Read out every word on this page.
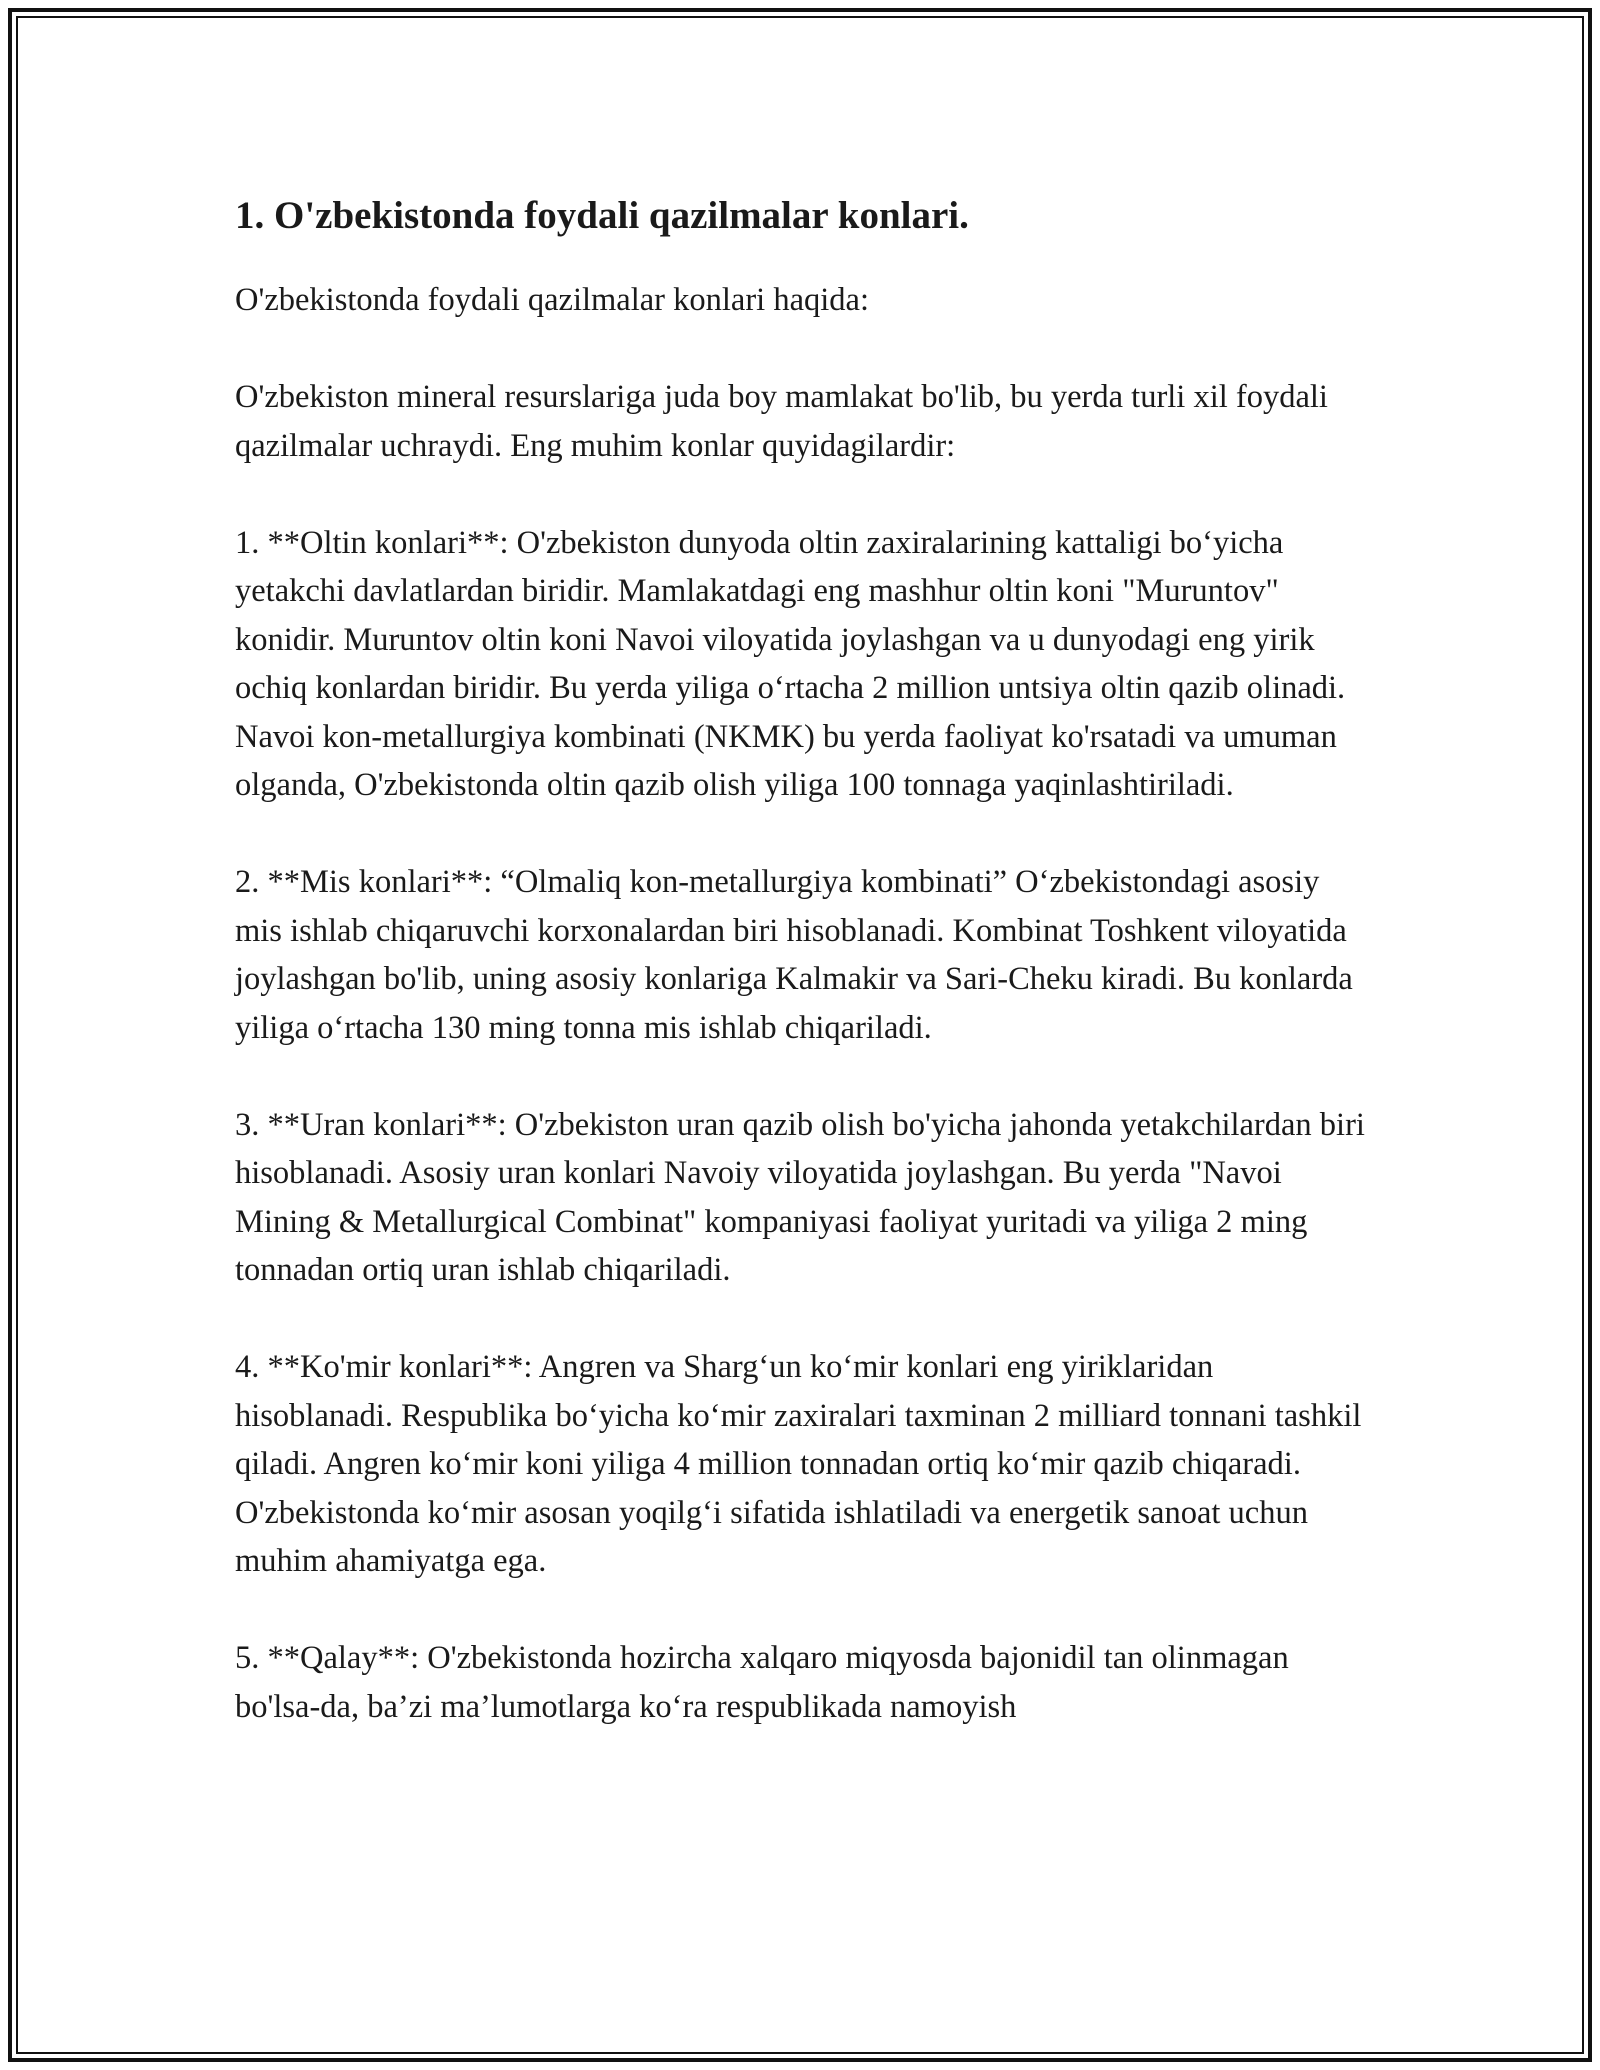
1. O'zbekistonda foydali qazilmalar konlari.

O'zbekistonda foydali qazilmalar konlari haqida:

O'zbekiston mineral resurslariga juda boy mamlakat bo'lib, bu yerda turli xil foydali qazilmalar uchraydi. Eng muhim konlar quyidagilardir:

1. **Oltin konlari**: O'zbekiston dunyoda oltin zaxiralarining kattaligi bo‘yicha yetakchi davlatlardan biridir. Mamlakatdagi eng mashhur oltin koni "Muruntov" konidir. Muruntov oltin koni Navoi viloyatida joylashgan va u dunyodagi eng yirik ochiq konlardan biridir. Bu yerda yiliga o‘rtacha 2 million untsiya oltin qazib olinadi. Navoi kon-metallurgiya kombinati (NKMK) bu yerda faoliyat ko'rsatadi va umuman olganda, O'zbekistonda oltin qazib olish yiliga 100 tonnaga yaqinlashtiriladi.

2. **Mis konlari**: “Olmaliq kon-metallurgiya kombinati” O‘zbekistondagi asosiy mis ishlab chiqaruvchi korxonalardan biri hisoblanadi. Kombinat Toshkent viloyatida joylashgan bo'lib, uning asosiy konlariga Kalmakir va Sari-Cheku kiradi. Bu konlarda yiliga o‘rtacha 130 ming tonna mis ishlab chiqariladi.

3. **Uran konlari**: O'zbekiston uran qazib olish bo'yicha jahonda yetakchilardan biri hisoblanadi. Asosiy uran konlari Navoiy viloyatida joylashgan. Bu yerda "Navoi Mining & Metallurgical Combinat" kompaniyasi faoliyat yuritadi va yiliga 2 ming tonnadan ortiq uran ishlab chiqariladi.

4. **Ko'mir konlari**: Angren va Sharg‘un ko‘mir konlari eng yiriklaridan hisoblanadi. Respublika bo‘yicha ko‘mir zaxiralari taxminan 2 milliard tonnani tashkil qiladi. Angren ko‘mir koni yiliga 4 million tonnadan ortiq ko‘mir qazib chiqaradi. O'zbekistonda ko‘mir asosan yoqilg‘i sifatida ishlatiladi va energetik sanoat uchun muhim ahamiyatga ega.

5. **Qalay**: O'zbekistonda hozircha xalqaro miqyosda bajonidil tan olinmagan bo'lsa-da, ba’zi ma’lumotlarga ko‘ra respublikada namoyish
